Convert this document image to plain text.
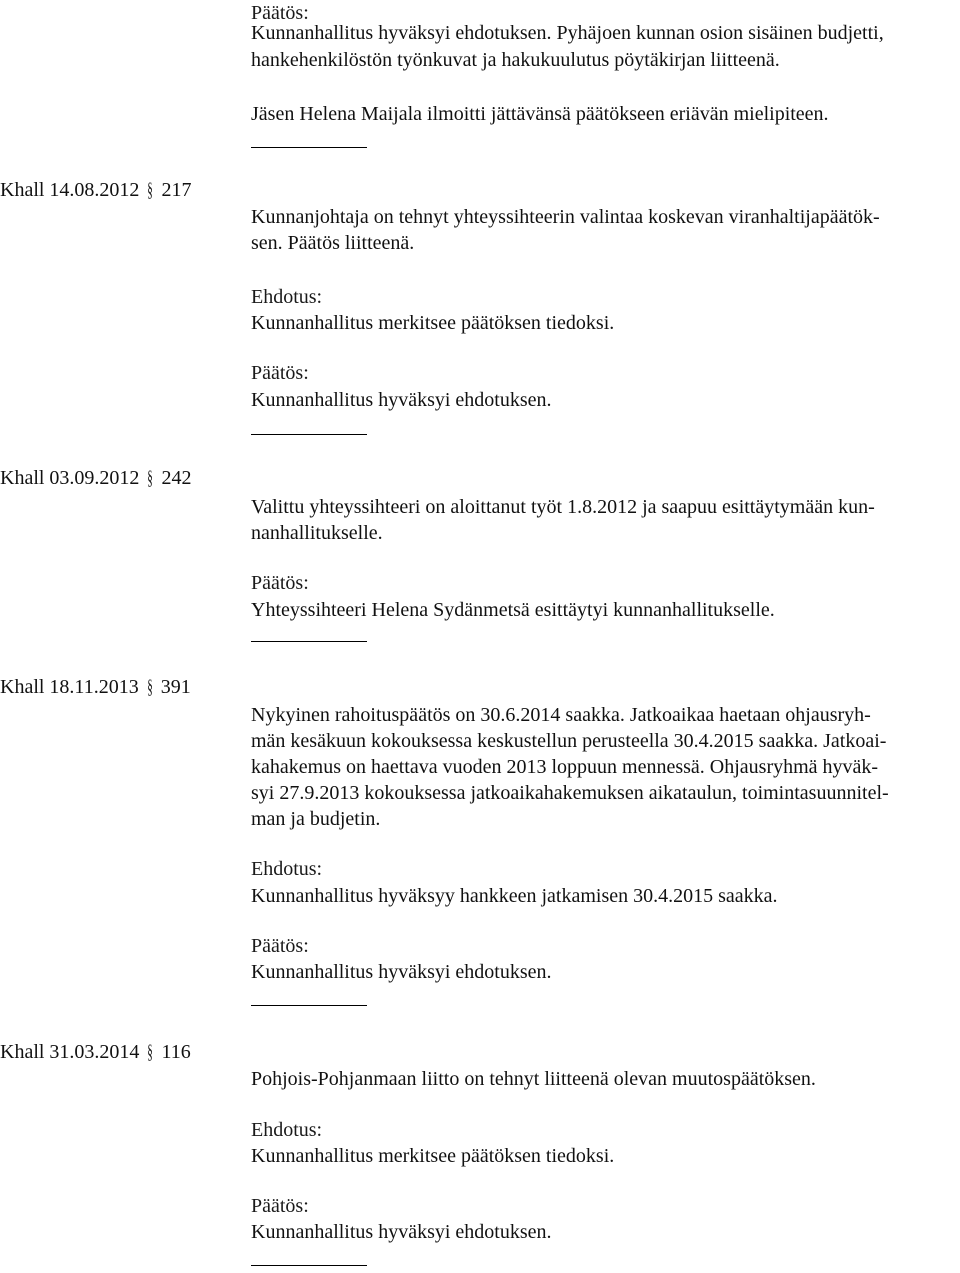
Päätös:
Kunnanhallitus hyväksyi ehdotuksen. Pyhäjoen kunnan osion sisäinen budjetti,
hankehenkilöstön työnkuvat ja hakukuulutus pöytäkirjan liitteenä.
Jäsen Helena Maijala ilmoitti jättävänsä päätökseen eriävän mielipiteen.
Khall 14.08.2012 § 217
Kunnanjohtaja on tehnyt yhteyssihteerin valintaa koskevan viranhaltijapäätök-
sen. Päätös liitteenä.
Ehdotus:
Kunnanhallitus merkitsee päätöksen tiedoksi.
Päätös:
Kunnanhallitus hyväksyi ehdotuksen.
Khall 03.09.2012 § 242
Valittu yhteyssihteeri on aloittanut työt 1.8.2012 ja saapuu esittäytymään kun-
nanhallitukselle.
Päätös:
Yhteyssihteeri Helena Sydänmetsä esittäytyi kunnanhallitukselle.
Khall 18.11.2013 § 391
Nykyinen rahoituspäätös on 30.6.2014 saakka. Jatkoaikaa haetaan ohjausryh-
män kesäkuun kokouksessa keskustellun perusteella 30.4.2015 saakka. Jatkoai-
kahakemus on haettava vuoden 2013 loppuun mennessä. Ohjausryhmä hyväk-
syi 27.9.2013 kokouksessa jatkoaikahakemuksen aikataulun, toimintasuunnitel-
man ja budjetin.
Ehdotus:
Kunnanhallitus hyväksyy hankkeen jatkamisen 30.4.2015 saakka.
Päätös:
Kunnanhallitus hyväksyi ehdotuksen.
Khall 31.03.2014 § 116
Pohjois-Pohjanmaan liitto on tehnyt liitteenä olevan muutospäätöksen.
Ehdotus:
Kunnanhallitus merkitsee päätöksen tiedoksi.
Päätös:
Kunnanhallitus hyväksyi ehdotuksen.
